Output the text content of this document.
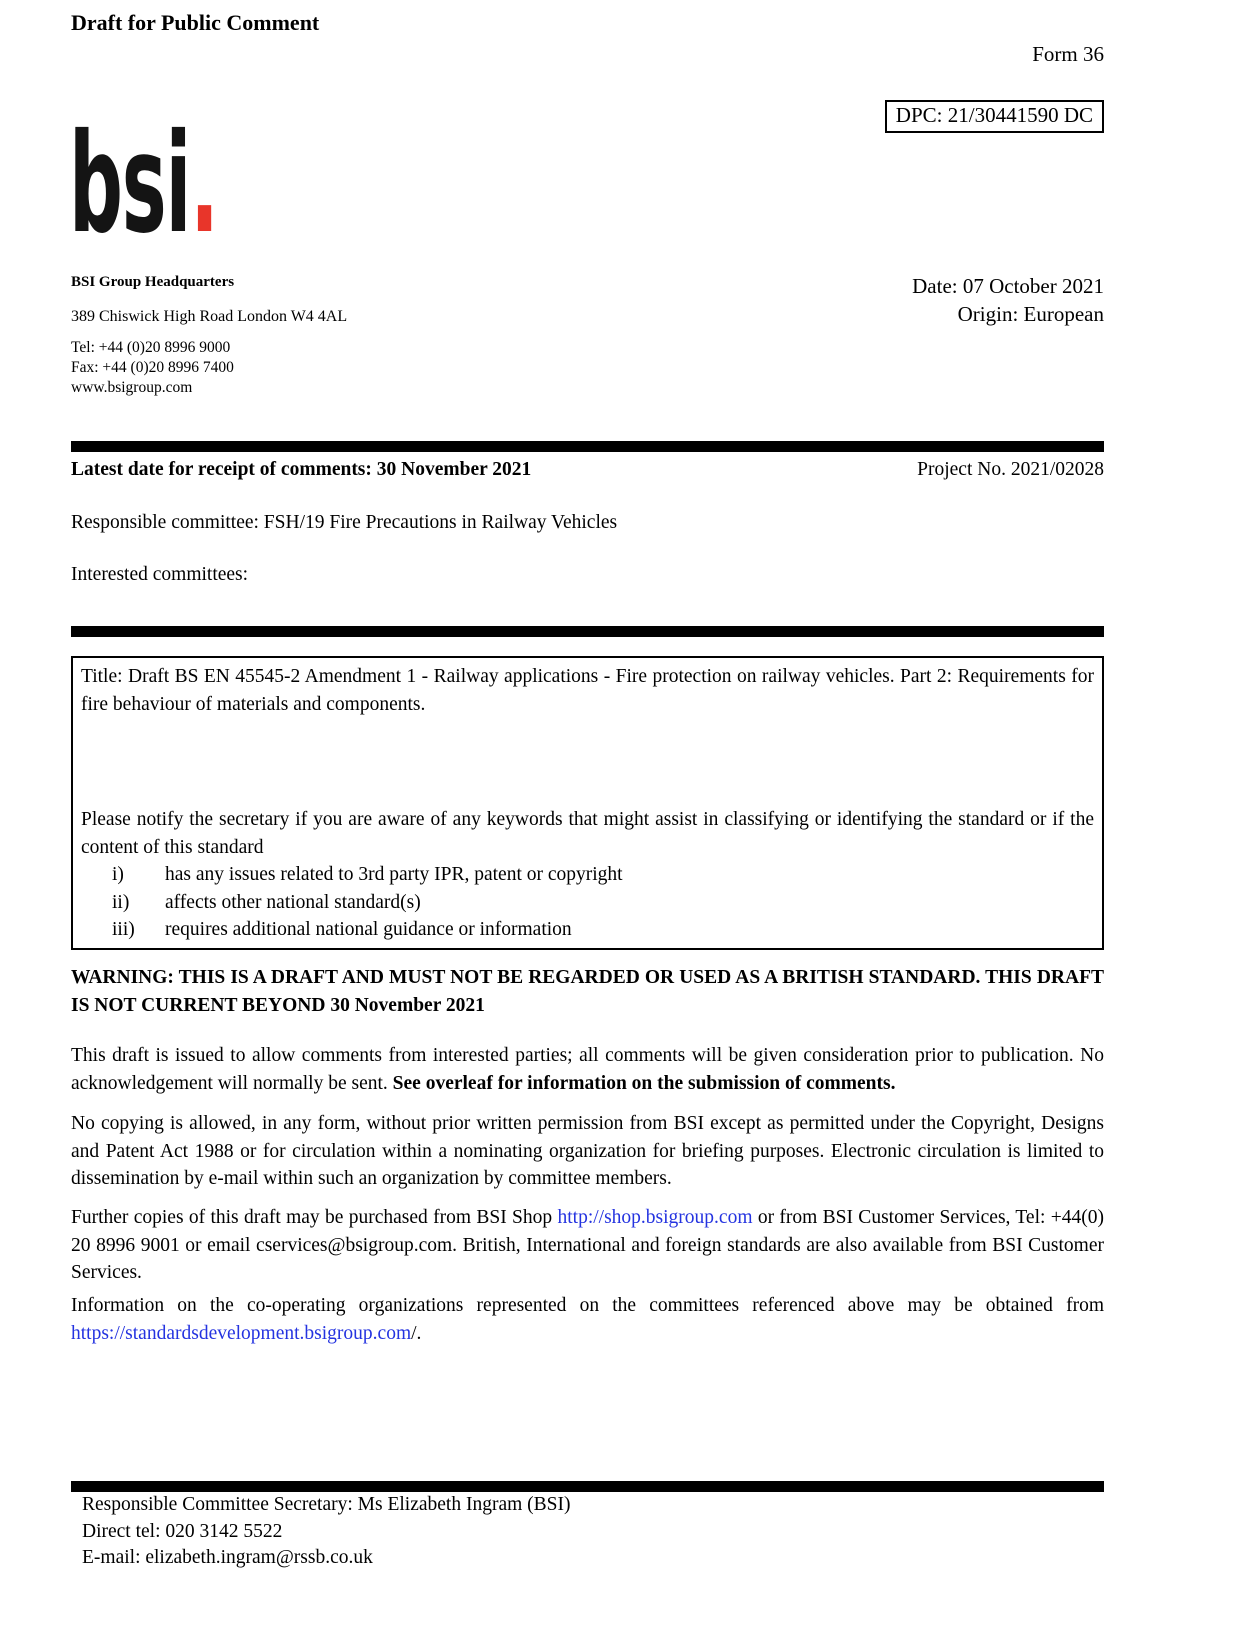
Draft for Public Comment
Form 36
DPC: 21/30441590 DC
bsi.
BSI Group Headquarters
389 Chiswick High Road London W4 4AL
Tel: +44 (0)20 8996 9000
Fax: +44 (0)20 8996 7400
www.bsigroup.com
Date: 07 October 2021
Origin: European
Latest date for receipt of comments: 30 November 2021	Project No. 2021/02028
Responsible committee: FSH/19 Fire Precautions in Railway Vehicles
Interested committees:
Title: Draft BS EN 45545-2 Amendment 1 - Railway applications - Fire protection on railway vehicles. Part 2: Requirements for fire behaviour of materials and components.
Please notify the secretary if you are aware of any keywords that might assist in classifying or identifying the standard or if the content of this standard
i) has any issues related to 3rd party IPR, patent or copyright
ii) affects other national standard(s)
iii) requires additional national guidance or information
WARNING: THIS IS A DRAFT AND MUST NOT BE REGARDED OR USED AS A BRITISH STANDARD. THIS DRAFT IS NOT CURRENT BEYOND 30 November 2021
This draft is issued to allow comments from interested parties; all comments will be given consideration prior to publication. No acknowledgement will normally be sent. See overleaf for information on the submission of comments.
No copying is allowed, in any form, without prior written permission from BSI except as permitted under the Copyright, Designs and Patent Act 1988 or for circulation within a nominating organization for briefing purposes. Electronic circulation is limited to dissemination by e-mail within such an organization by committee members.
Further copies of this draft may be purchased from BSI Shop http://shop.bsigroup.com or from BSI Customer Services, Tel: +44(0) 20 8996 9001 or email cservices@bsigroup.com. British, International and foreign standards are also available from BSI Customer Services.
Information on the co-operating organizations represented on the committees referenced above may be obtained from https://standardsdevelopment.bsigroup.com/.
Responsible Committee Secretary: Ms Elizabeth Ingram (BSI)
Direct tel: 020 3142 5522
E-mail: elizabeth.ingram@rssb.co.uk
